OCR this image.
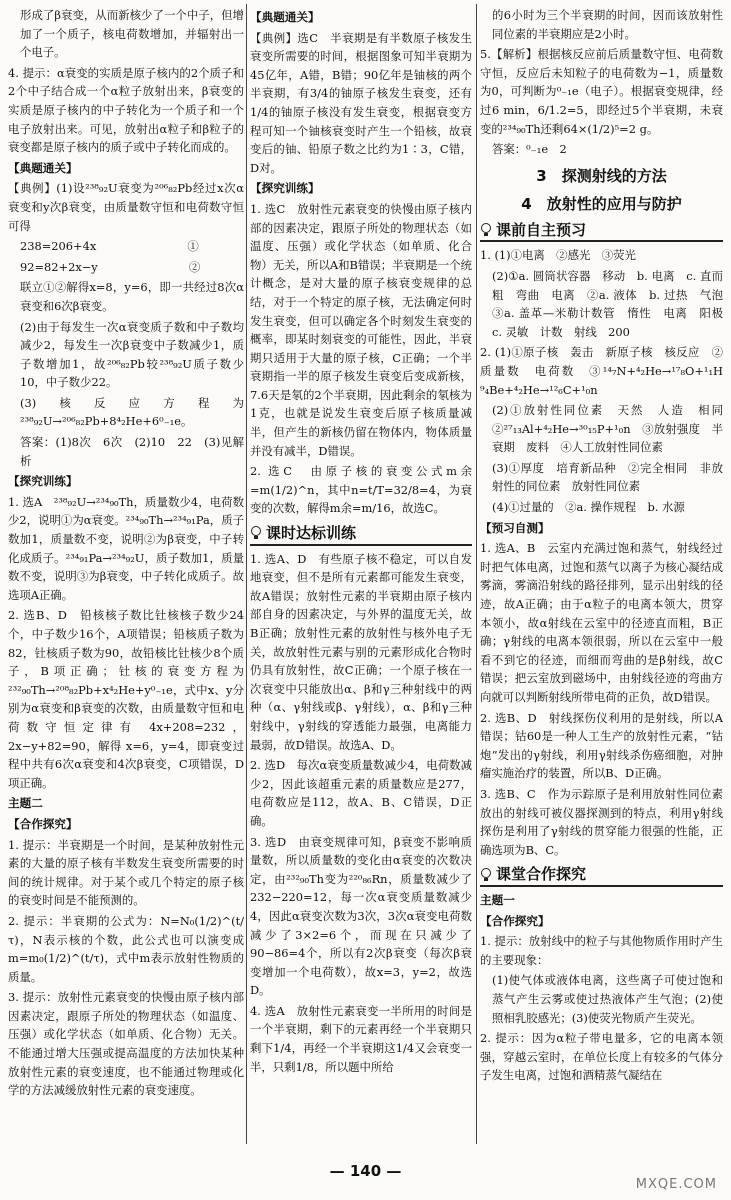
形成了β衰变，从而新核少了一个中子，但增加了一个质子，核电荷数增加，并辐射出一个电子。
4. 提示：α衰变的实质是原子核内的2个质子和2个中子结合成一个α粒子放射出来，β衰变的实质是原子核内的中子转化为一个质子和一个电子放射出来。可见，放射出α粒子和β粒子的衰变都是原子核内的质子或中子转化而成的。
【典题通关】
【典例】(1)设²³⁸₉₂U衰变为²⁰⁶₈₂Pb经过x次α衰变和y次β衰变，由质量数守恒和电荷数守恒可得
238=206+4x　　　　　　　　①
92=82+2x−y　　　　　　　　②
联立①②解得x=8，y=6，即一共经过8次α衰变和6次β衰变。
(2)由于每发生一次α衰变质子数和中子数均减少2，每发生一次β衰变中子数减少1，质子数增加1，故²⁰⁶₈₂Pb较²³⁸₉₂U质子数少10，中子数少22。
(3)核反应方程为²³⁸₉₂U→²⁰⁶₈₂Pb+8⁴₂He+6⁰₋₁e。
答案：(1)8次　6次　(2)10　22　(3)见解析
【探究训练】
1. 选A　²³⁸₉₂U→²³⁴₉₀Th，质量数少4，电荷数少2，说明①为α衰变。²³⁴₉₀Th→²³⁴₉₁Pa，质子数加1，质量数不变，说明②为β衰变，中子转化成质子。²³⁴₉₁Pa→²³⁴₉₂U，质子数加1，质量数不变，说明③为β衰变，中子转化成质子。故选项A正确。
2. 选B、D　铅核核子数比钍核核子数少24个，中子数少16个，A项错误；铅核质子数为82，钍核质子数为90，故铅核比钍核少8个质子，B项正确；钍核的衰变方程为²³²₉₀Th→²⁰⁸₈₂Pb+x⁴₂He+y⁰₋₁e，式中x、y分别为α衰变和β衰变的次数，由质量数守恒和电荷数守恒定律有 4x+208=232，2x−y+82=90，解得 x=6，y=4，即衰变过程中共有6次α衰变和4次β衰变，C项错误，D项正确。
主题二
【合作探究】
1. 提示：半衰期是一个时间，是某种放射性元素的大量的原子核有半数发生衰变所需要的时间的统计规律。对于某个或几个特定的原子核的衰变时间是不能预测的。
2. 提示：半衰期的公式为：N=N₀(1/2)^(t/τ)，N表示核的个数，此公式也可以演变成m=m₀(1/2)^(t/τ)，式中m表示放射性物质的质量。
3. 提示：放射性元素衰变的快慢由原子核内部因素决定，跟原子所处的物理状态（如温度、压强）或化学状态（如单质、化合物）无关。不能通过增大压强或提高温度的方法加快某种放射性元素的衰变速度，也不能通过物理或化学的方法减缓放射性元素的衰变速度。
【典题通关】
【典例】选C　半衰期是有半数原子核发生衰变所需要的时间，根据图象可知半衰期为45亿年，A错，B错；90亿年是铀核的两个半衰期，有3/4的铀原子核发生衰变，还有1/4的铀原子核没有发生衰变，根据衰变方程可知一个铀核衰变时产生一个铅核，故衰变后的铀、铅原子数之比约为1∶3，C错，D对。
【探究训练】
1. 选C　放射性元素衰变的快慢由原子核内部的因素决定，跟原子所处的物理状态（如温度、压强）或化学状态（如单质、化合物）无关，所以A和B错误；半衰期是一个统计概念，是对大量的原子核衰变规律的总结，对于一个特定的原子核，无法确定何时发生衰变，但可以确定各个时刻发生衰变的概率，即某时刻衰变的可能性，因此，半衰期只适用于大量的原子核，C正确；一个半衰期指一半的原子核发生衰变后变成新核，7.6天是氡的2个半衰期，因此剩余的氡核为1克，也就是说发生衰变后原子核质量减半，但产生的新核仍留在物体内，物体质量并没有减半，D错误。
2. 选C　由原子核的衰变公式m余=m(1/2)^n，其中n=t/T=32/8=4，为衰变的次数，解得m余=m/16，故选C。
课时达标训练
1. 选A、D　有些原子核不稳定，可以自发地衰变，但不是所有元素都可能发生衰变，故A错误；放射性元素的半衰期由原子核内部自身的因素决定，与外界的温度无关，故B正确；放射性元素的放射性与核外电子无关，故放射性元素与别的元素形成化合物时仍具有放射性，故C正确；一个原子核在一次衰变中只能放出α、β和γ三种射线中的两种（α、γ射线或β、γ射线），α、β和γ三种射线中，γ射线的穿透能力最强，电离能力最弱，故D错误。故选A、D。
2. 选D　每次α衰变质量数减少4，电荷数减少2，因此该超重元素的质量数应是277，电荷数应是112，故A、B、C错误，D正确。
3. 选D　由衰变规律可知，β衰变不影响质量数，所以质量数的变化由α衰变的次数决定，由²³²₉₀Th变为²²⁰₈₆Rn，质量数减少了232−220=12，每一次α衰变质量数减少4，因此α衰变次数为3次，3次α衰变电荷数减少了3×2=6个，而现在只减少了90−86=4个，所以有2次β衰变（每次β衰变增加一个电荷数），故x=3，y=2，故选D。
4. 选A　放射性元素衰变一半所用的时间是一个半衰期，剩下的元素再经一个半衰期只剩下1/4，再经一个半衰期这1/4又会衰变一半，只剩1/8，所以题中所给
的6小时为三个半衰期的时间，因而该放射性同位素的半衰期应是2小时。
5.【解析】根据核反应前后质量数守恒、电荷数守恒，反应后未知粒子的电荷数为−1，质量数为0，可判断为⁰₋₁e（电子）。根据衰变规律，经过6 min，6/1.2=5，即经过5个半衰期，未衰变的²³⁴₉₀Th还剩64×(1/2)⁵=2 g。
答案：⁰₋₁e　2
3　探测射线的方法
4　放射性的应用与防护
课前自主预习
1. (1)①电离　②感光　③荧光
(2)①a. 圆筒状容器　移动　b. 电离　c. 直而粗　弯曲　电离　②a. 液体　b. 过热　气泡　③a. 盖革—米勒计数管　惰性　电离　阳极　c. 灵敏　计数　射线　200
2. (1)①原子核　轰击　新原子核　核反应　②质量数　电荷数　③¹⁴₇N+⁴₂He→¹⁷₈O+¹₁H　⁹₄Be+⁴₂He→¹²₆C+¹₀n
(2)①放射性同位素　天然　人造　相同　②²⁷₁₃Al+⁴₂He→³⁰₁₅P+¹₀n　③放射强度　半衰期　废料　④人工放射性同位素
(3)①厚度　培育新品种　②完全相同　非放射性的同位素　放射性同位素
(4)①过量的　②a. 操作规程　b. 水源
【预习自测】
1. 选A、B　云室内充满过饱和蒸气，射线经过时把气体电离，过饱和蒸气以离子为核心凝结成雾滴，雾滴沿射线的路径排列，显示出射线的径迹，故A正确；由于α粒子的电离本领大，贯穿本领小，故α射线在云室中的径迹直而粗，B正确；γ射线的电离本领很弱，所以在云室中一般看不到它的径迹，而细而弯曲的是β射线，故C错误；把云室放到磁场中，由射线径迹的弯曲方向就可以判断射线所带电荷的正负，故D错误。
2. 选B、D　射线探伤仪利用的是射线，所以A错误；钴60是一种人工生产的放射性元素，“钴炮”发出的γ射线，利用γ射线杀伤癌细胞，对肿瘤实施治疗的装置，所以B、D正确。
3. 选B、C　作为示踪原子是利用放射性同位素放出的射线可被仪器探测到的特点，利用γ射线探伤是利用了γ射线的贯穿能力很强的性能，正确选项为B、C。
课堂合作探究
主题一
【合作探究】
1. 提示：放射线中的粒子与其他物质作用时产生的主要现象：
(1)使气体或液体电离，这些离子可使过饱和蒸气产生云雾或使过热液体产生气泡；(2)使照相乳胶感光；(3)使荧光物质产生荧光。
2. 提示：因为α粒子带电量多，它的电离本领强，穿越云室时，在单位长度上有较多的气体分子发生电离，过饱和酒精蒸气凝结在
— 140 —
MXQE.COM
